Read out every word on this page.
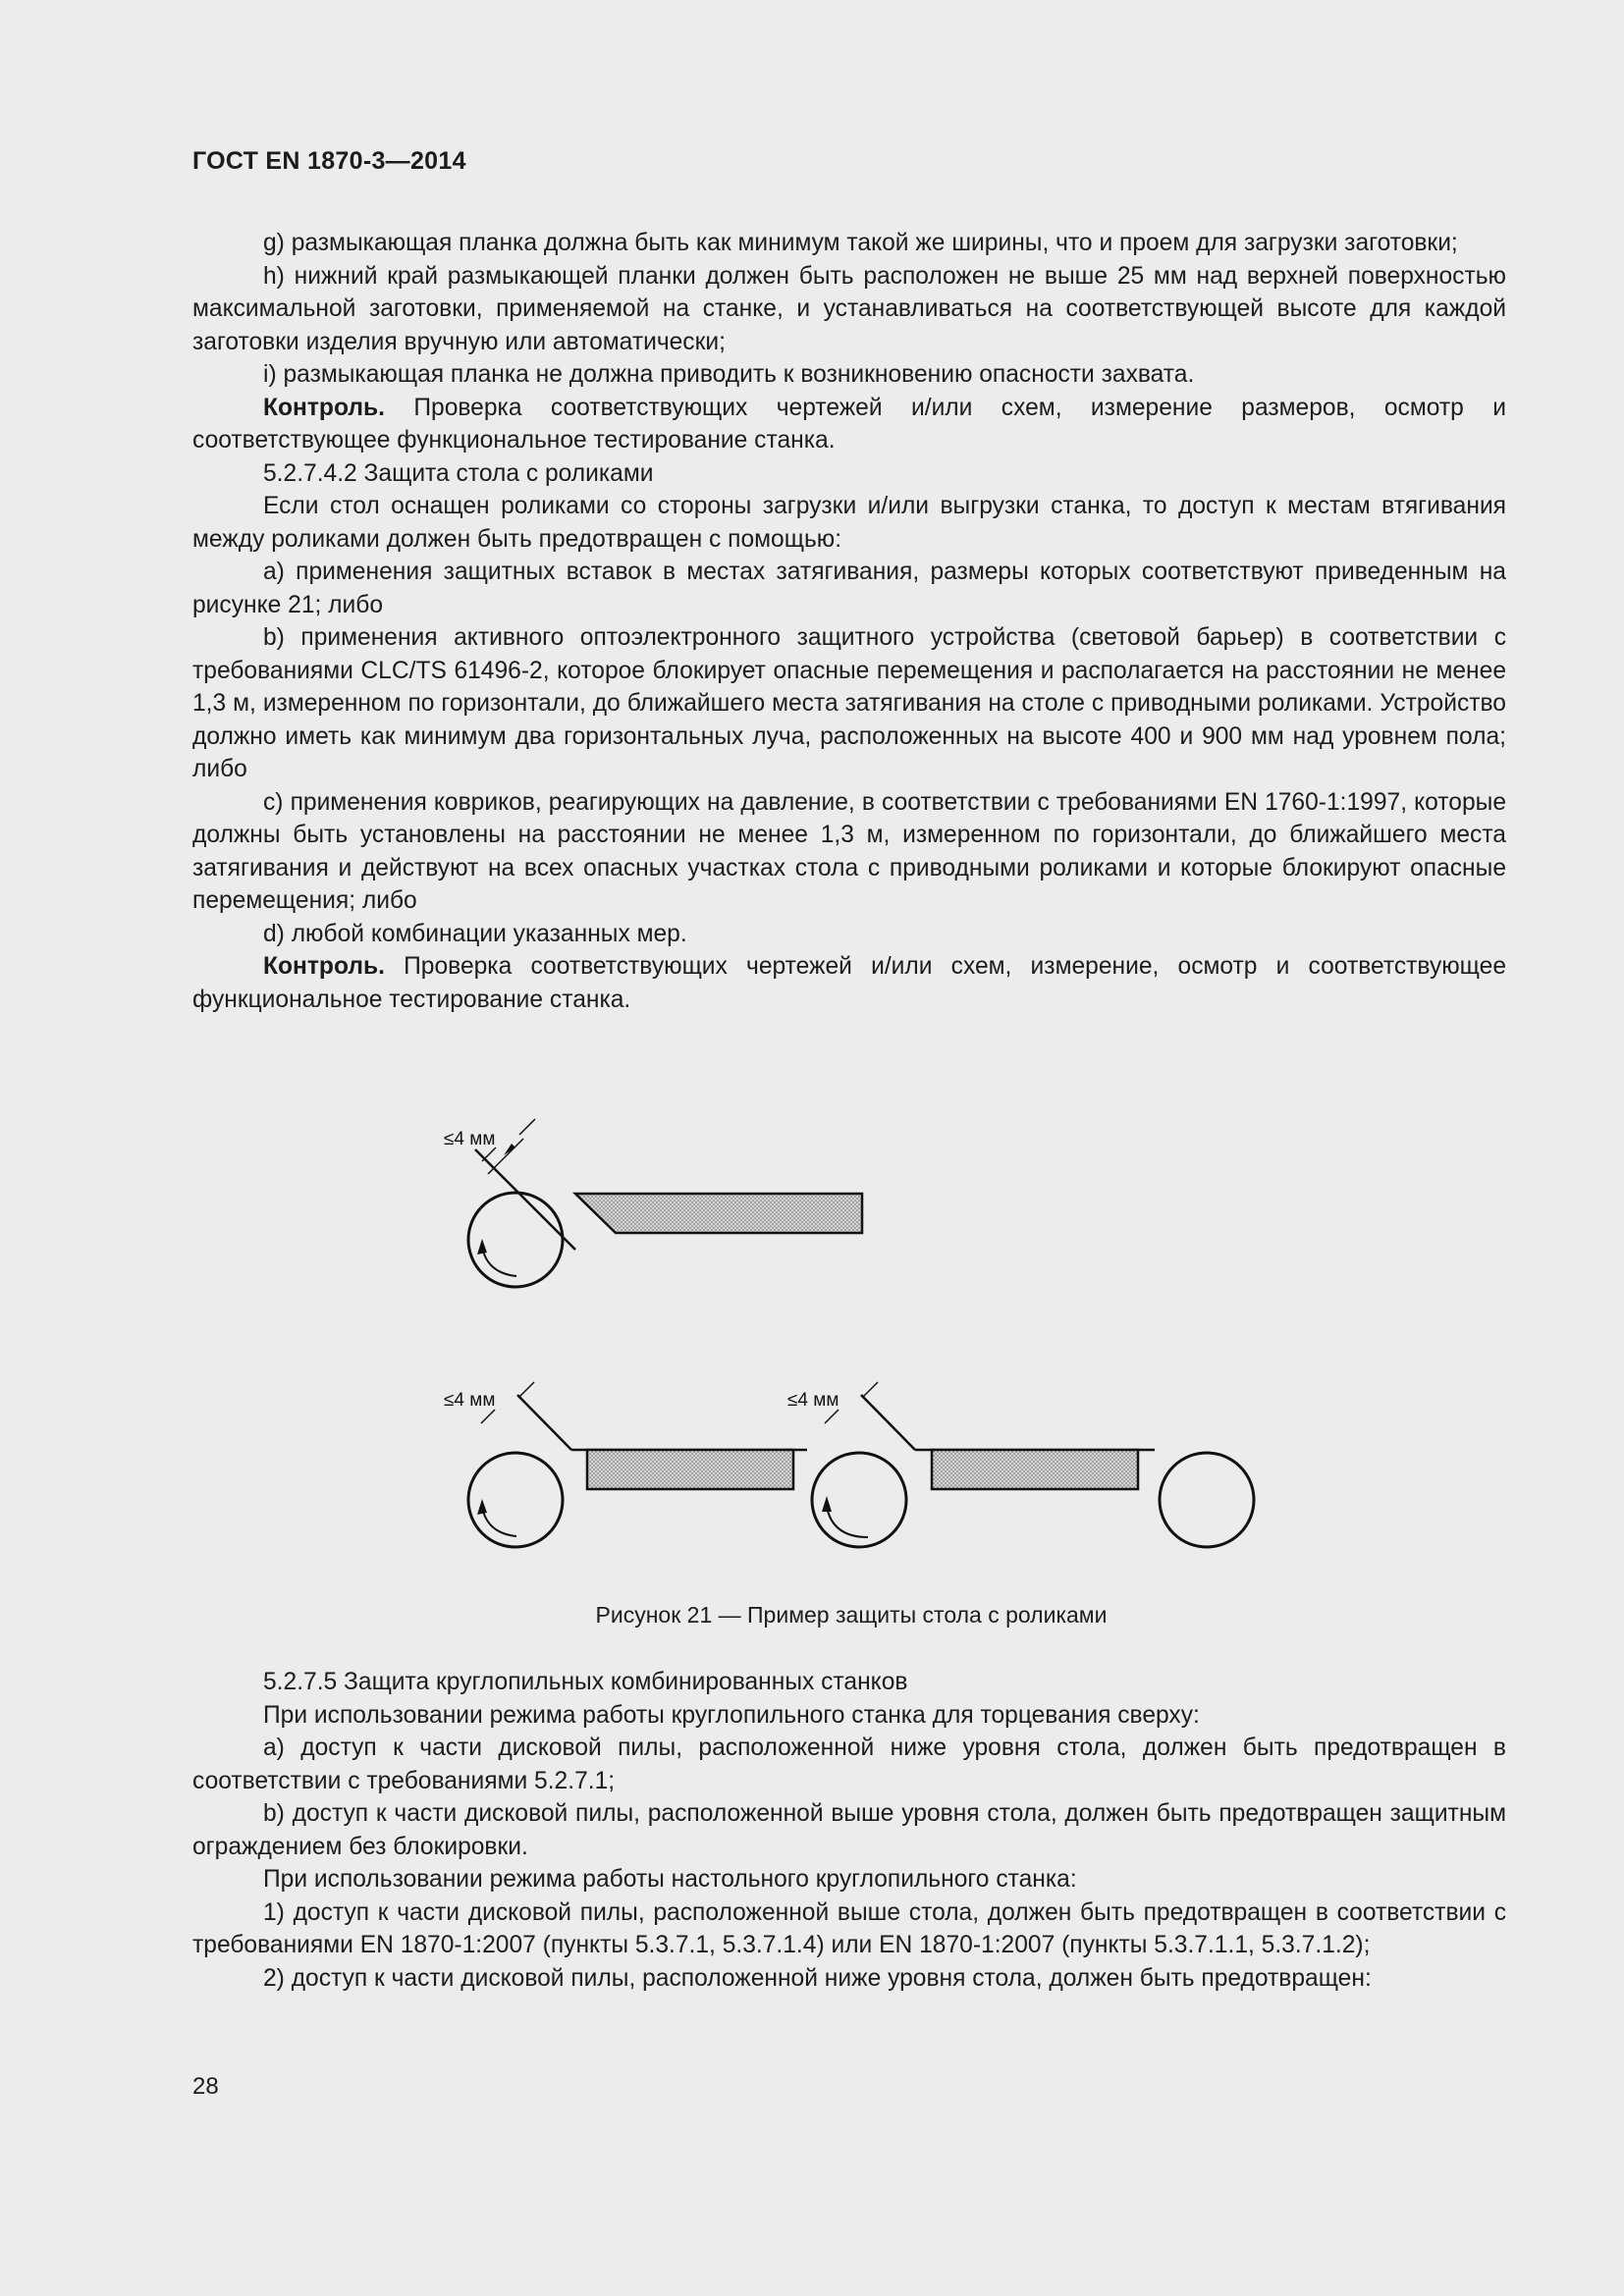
ГОСТ EN 1870-3—2014

g) размыкающая планка должна быть как минимум такой же ширины, что и проем для загрузки заготовки;

h) нижний край размыкающей планки должен быть расположен не выше 25 мм над верхней поверхностью максимальной заготовки, применяемой на станке, и устанавливаться на соответствующей высоте для каждой заготовки изделия вручную или автоматически;

i) размыкающая планка не должна приводить к возникновению опасности захвата.

Контроль. Проверка соответствующих чертежей и/или схем, измерение размеров, осмотр и соответствующее функциональное тестирование станка.

5.2.7.4.2 Защита стола с роликами

Если стол оснащен роликами со стороны загрузки и/или выгрузки станка, то доступ к местам втягивания между роликами должен быть предотвращен с помощью:

a) применения защитных вставок в местах затягивания, размеры которых соответствуют приведенным на рисунке 21; либо

b) применения активного оптоэлектронного защитного устройства (световой барьер) в соответствии с требованиями CLC/TS 61496-2, которое блокирует опасные перемещения и располагается на расстоянии не менее 1,3 м, измеренном по горизонтали, до ближайшего места затягивания на столе с приводными роликами. Устройство должно иметь как минимум два горизонтальных луча, расположенных на высоте 400 и 900 мм над уровнем пола; либо

c) применения ковриков, реагирующих на давление, в соответствии с требованиями EN 1760-1:1997, которые должны быть установлены на расстоянии не менее 1,3 м, измеренном по горизонтали, до ближайшего места затягивания и действуют на всех опасных участках стола с приводными роликами и которые блокируют опасные перемещения; либо

d) любой комбинации указанных мер.

Контроль. Проверка соответствующих чертежей и/или схем, измерение, осмотр и соответствующее функциональное тестирование станка.

≤4 мм
≤4 мм	≤4 мм
Рисунок 21 — Пример защиты стола с роликами

5.2.7.5 Защита круглопильных комбинированных станков

При использовании режима работы круглопильного станка для торцевания сверху:

a) доступ к части дисковой пилы, расположенной ниже уровня стола, должен быть предотвращен в соответствии с требованиями 5.2.7.1;

b) доступ к части дисковой пилы, расположенной выше уровня стола, должен быть предотвращен защитным ограждением без блокировки.

При использовании режима работы настольного круглопильного станка:

1) доступ к части дисковой пилы, расположенной выше стола, должен быть предотвращен в соответствии с требованиями EN 1870-1:2007 (пункты 5.3.7.1, 5.3.7.1.4) или EN 1870-1:2007 (пункты 5.3.7.1.1, 5.3.7.1.2);

2) доступ к части дисковой пилы, расположенной ниже уровня стола, должен быть предотвращен:

28
